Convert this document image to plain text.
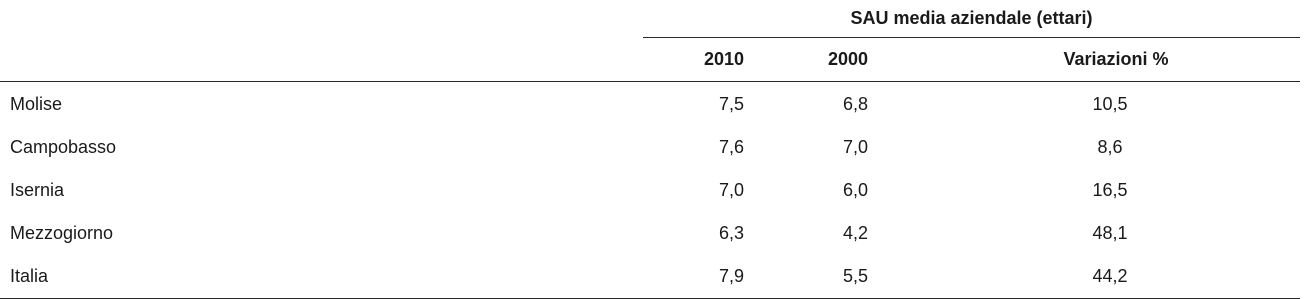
	SAU media aziendale (ettari)		
	2010	2000	Variazioni %
Molise	7,5	6,8	10,5
Campobasso	7,6	7,0	8,6
Isernia	7,0	6,0	16,5
Mezzogiorno	6,3	4,2	48,1
Italia	7,9	5,5	44,2
